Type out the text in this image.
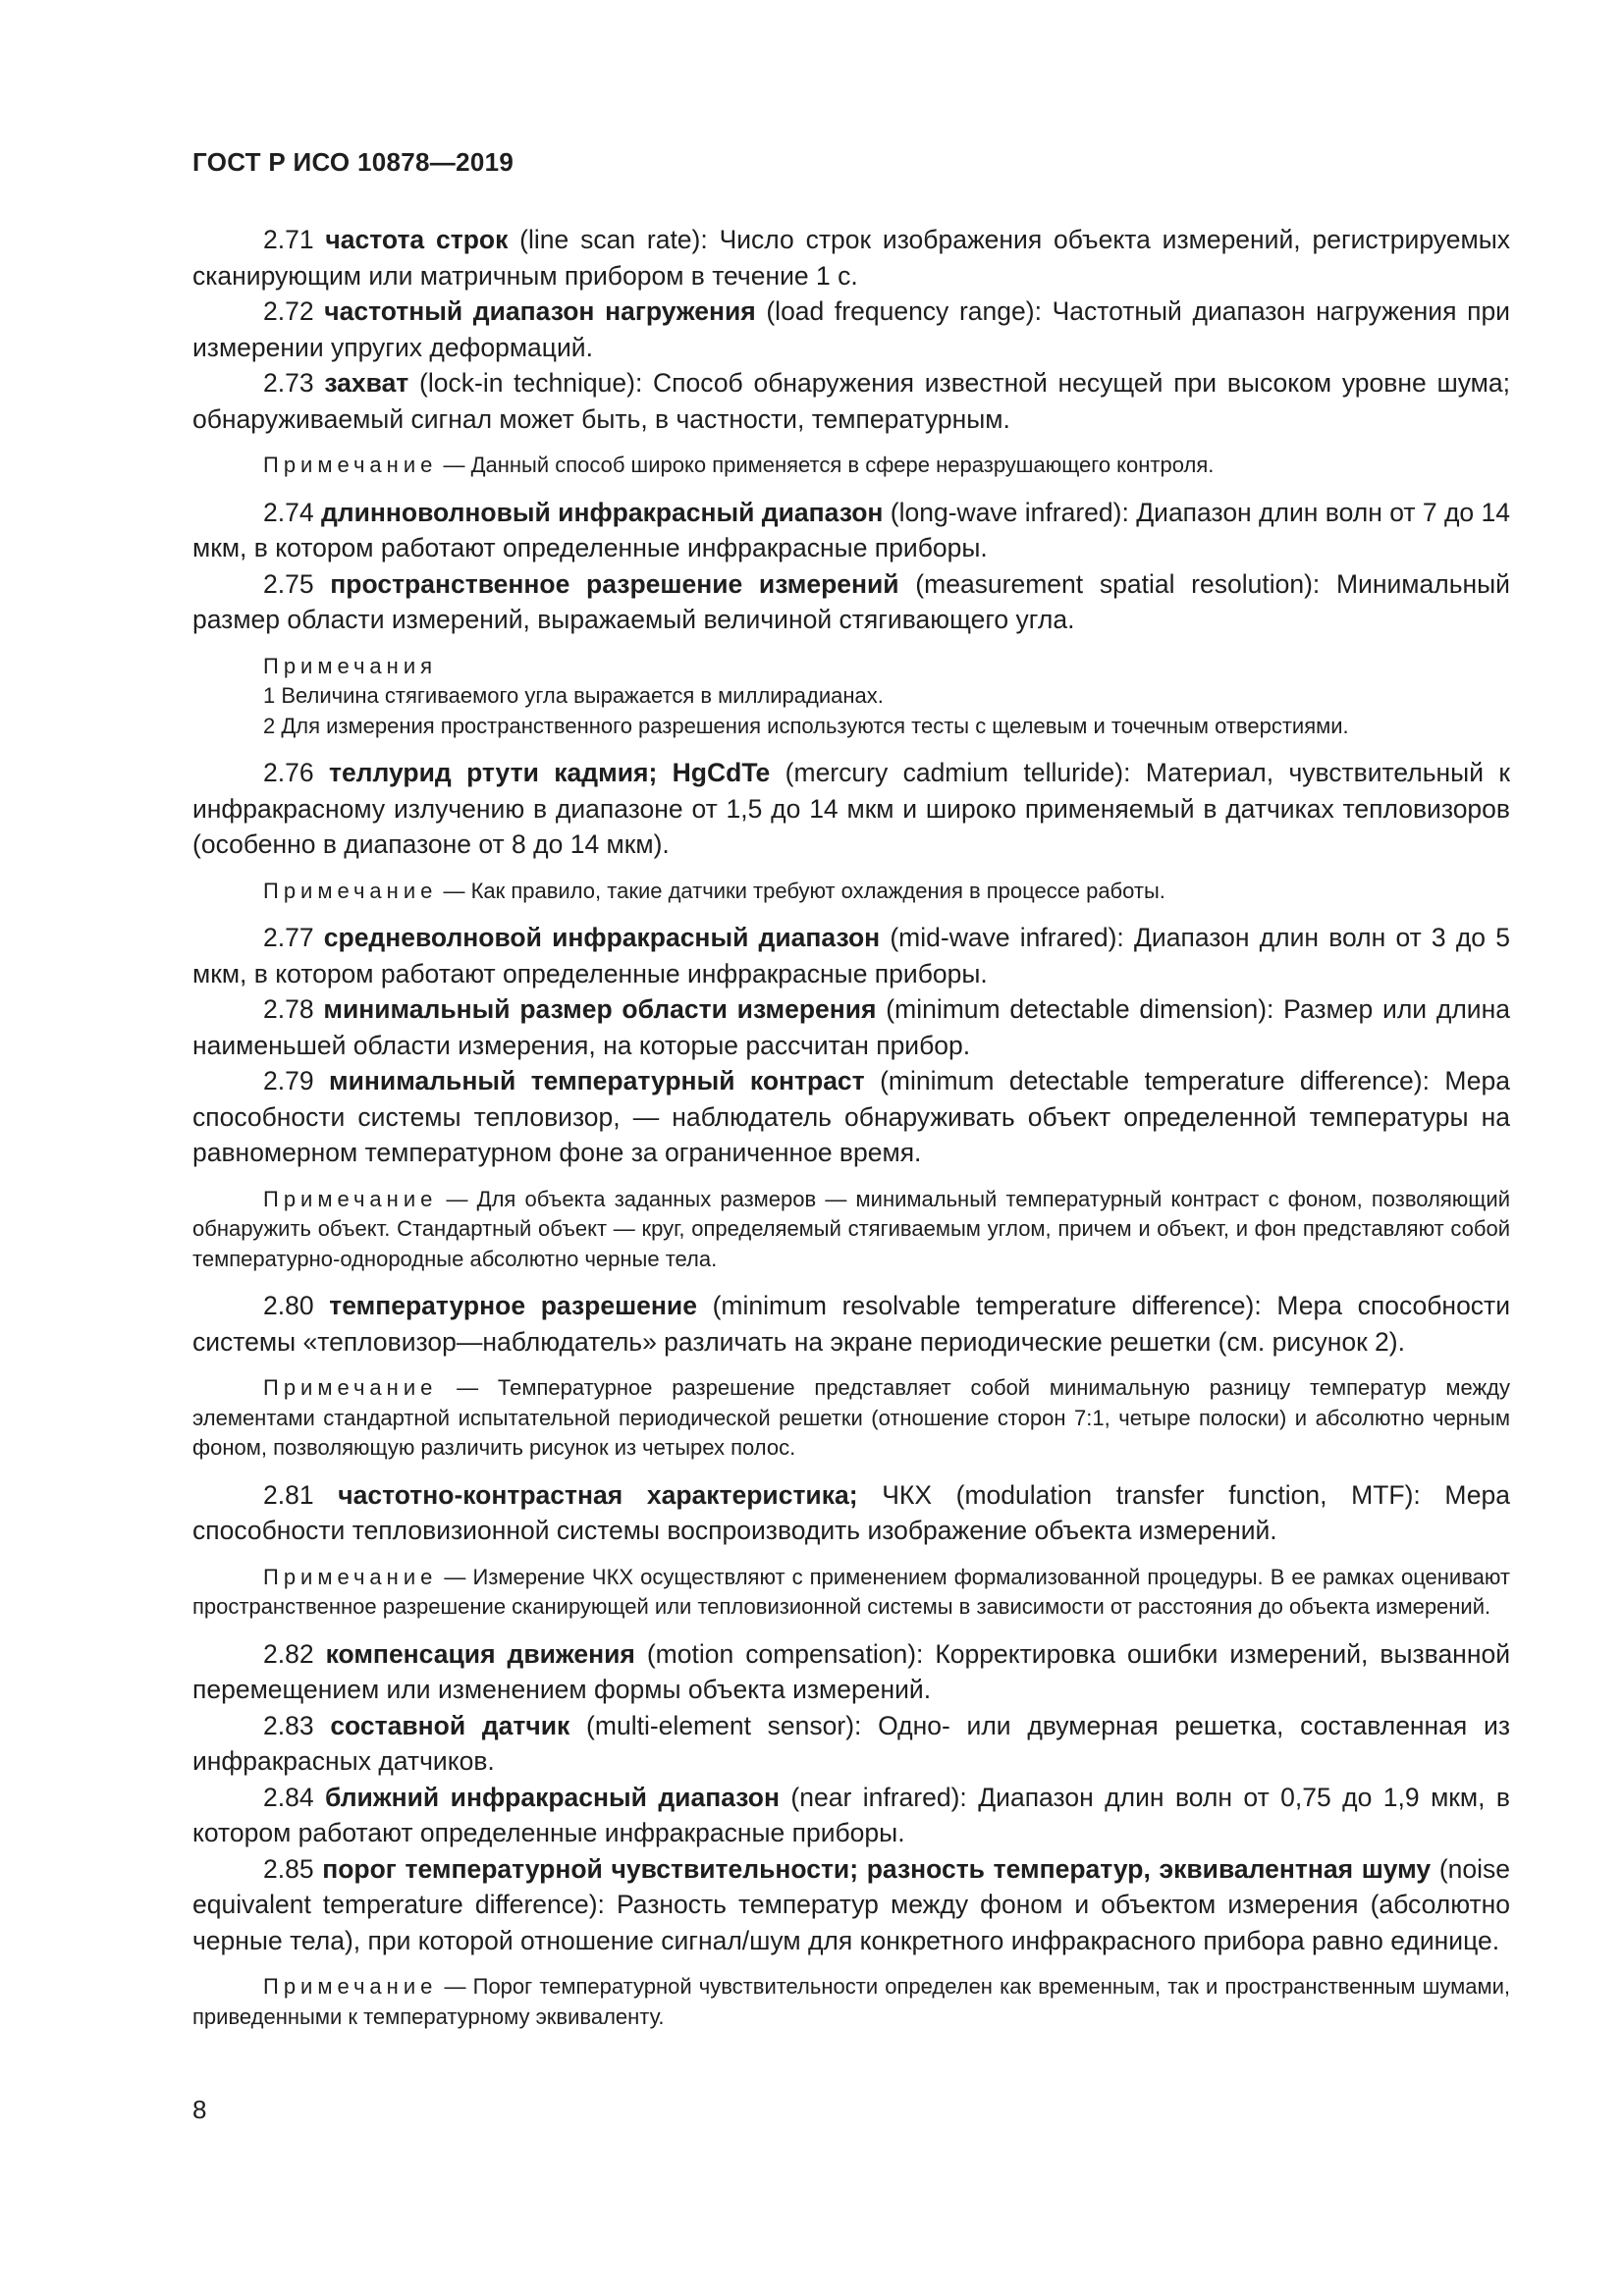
ГОСТ Р ИСО 10878—2019

2.71 частота строк (line scan rate): Число строк изображения объекта измерений, регистрируемых сканирующим или матричным прибором в течение 1 с.

2.72 частотный диапазон нагружения (load frequency range): Частотный диапазон нагружения при измерении упругих деформаций.

2.73 захват (lock-in technique): Способ обнаружения известной несущей при высоком уровне шума; обнаруживаемый сигнал может быть, в частности, температурным.

Примечание — Данный способ широко применяется в сфере неразрушающего контроля.

2.74 длинноволновый инфракрасный диапазон (long-wave infrared): Диапазон длин волн от 7 до 14 мкм, в котором работают определенные инфракрасные приборы.

2.75 пространственное разрешение измерений (measurement spatial resolution): Минимальный размер области измерений, выражаемый величиной стягивающего угла.

Примечания

1 Величина стягиваемого угла выражается в миллирадианах.

2 Для измерения пространственного разрешения используются тесты с щелевым и точечным отверстиями.

2.76 теллурид ртути кадмия; HgCdTe (mercury cadmium telluride): Материал, чувствительный к инфракрасному излучению в диапазоне от 1,5 до 14 мкм и широко применяемый в датчиках тепловизоров (особенно в диапазоне от 8 до 14 мкм).

Примечание — Как правило, такие датчики требуют охлаждения в процессе работы.

2.77 средневолновой инфракрасный диапазон (mid-wave infrared): Диапазон длин волн от 3 до 5 мкм, в котором работают определенные инфракрасные приборы.

2.78 минимальный размер области измерения (minimum detectable dimension): Размер или длина наименьшей области измерения, на которые рассчитан прибор.

2.79 минимальный температурный контраст (minimum detectable temperature difference): Мера способности системы тепловизор, — наблюдатель обнаруживать объект определенной температуры на равномерном температурном фоне за ограниченное время.

Примечание — Для объекта заданных размеров — минимальный температурный контраст с фоном, позволяющий обнаружить объект. Стандартный объект — круг, определяемый стягиваемым углом, причем и объект, и фон представляют собой температурно-однородные абсолютно черные тела.

2.80 температурное разрешение (minimum resolvable temperature difference): Мера способности системы «тепловизор—наблюдатель» различать на экране периодические решетки (см. рисунок 2).

Примечание — Температурное разрешение представляет собой минимальную разницу температур между элементами стандартной испытательной периодической решетки (отношение сторон 7:1, четыре полоски) и абсолютно черным фоном, позволяющую различить рисунок из четырех полос.

2.81 частотно-контрастная характеристика; ЧКХ (modulation transfer function, MTF): Мера способности тепловизионной системы воспроизводить изображение объекта измерений.

Примечание — Измерение ЧКХ осуществляют с применением формализованной процедуры. В ее рамках оценивают пространственное разрешение сканирующей или тепловизионной системы в зависимости от расстояния до объекта измерений.

2.82 компенсация движения (motion compensation): Корректировка ошибки измерений, вызванной перемещением или изменением формы объекта измерений.

2.83 составной датчик (multi-element sensor): Одно- или двумерная решетка, составленная из инфракрасных датчиков.

2.84 ближний инфракрасный диапазон (near infrared): Диапазон длин волн от 0,75 до 1,9 мкм, в котором работают определенные инфракрасные приборы.

2.85 порог температурной чувствительности; разность температур, эквивалентная шуму (noise equivalent temperature difference): Разность температур между фоном и объектом измерения (абсолютно черные тела), при которой отношение сигнал/шум для конкретного инфракрасного прибора равно единице.

Примечание — Порог температурной чувствительности определен как временным, так и пространственным шумами, приведенными к температурному эквиваленту.

8
